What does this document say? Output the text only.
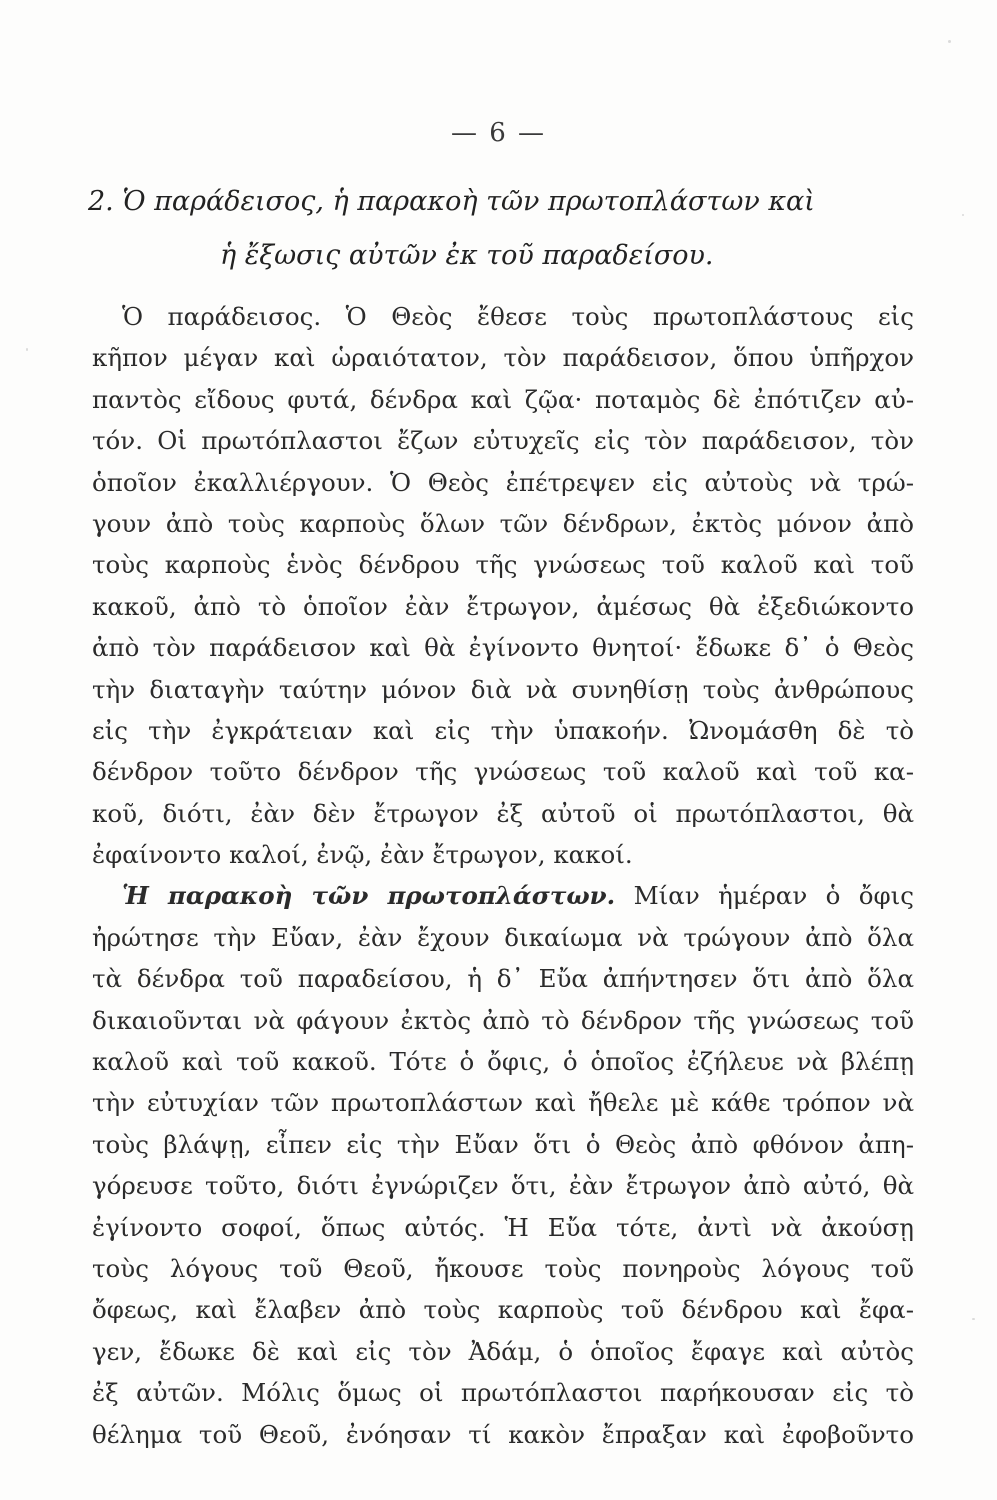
— 6 —
2. Ὁ παράδεισος, ἡ παρακοὴ τῶν πρωτοπλάστων καὶ
ἡ ἔξωσις αὐτῶν ἐκ τοῦ παραδείσου.
Ὁ παράδεισος. Ὁ Θεὸς ἔθεσε τοὺς πρωτοπλάστους εἰς
κῆπον μέγαν καὶ ὡραιότατον, τὸν παράδεισον, ὅπου ὑπῆρχον
παντὸς εἴδους φυτά, δένδρα καὶ ζῷα· ποταμὸς δὲ ἐπότιζεν αὐ-
τόν. Οἱ πρωτόπλαστοι ἔζων εὐτυχεῖς εἰς τὸν παράδεισον, τὸν
ὁποῖον ἐκαλλιέργουν. Ὁ Θεὸς ἐπέτρεψεν εἰς αὐτοὺς νὰ τρώ-
γουν ἀπὸ τοὺς καρποὺς ὅλων τῶν δένδρων, ἐκτὸς μόνον ἀπὸ
τοὺς καρποὺς ἑνὸς δένδρου τῆς γνώσεως τοῦ καλοῦ καὶ τοῦ
κακοῦ, ἀπὸ τὸ ὁποῖον ἐὰν ἔτρωγον, ἀμέσως θὰ ἐξεδιώκοντο
ἀπὸ τὸν παράδεισον καὶ θὰ ἐγίνοντο θνητοί· ἔδωκε δ᾽ ὁ Θεὸς
τὴν διαταγὴν ταύτην μόνον διὰ νὰ συνηθίσῃ τοὺς ἀνθρώπους
εἰς τὴν ἐγκράτειαν καὶ εἰς τὴν ὑπακοήν. Ὠνομάσθη δὲ τὸ
δένδρον τοῦτο δένδρον τῆς γνώσεως τοῦ καλοῦ καὶ τοῦ κα-
κοῦ, διότι, ἐὰν δὲν ἔτρωγον ἐξ αὐτοῦ οἱ πρωτόπλαστοι, θὰ
ἐφαίνοντο καλοί, ἐνῷ, ἐὰν ἔτρωγον, κακοί.
Ἡ παρακοὴ τῶν πρωτοπλάστων. Μίαν ἡμέραν ὁ ὄφις
ἠρώτησε τὴν Εὔαν, ἐὰν ἔχουν δικαίωμα νὰ τρώγουν ἀπὸ ὅλα
τὰ δένδρα τοῦ παραδείσου, ἡ δ᾽ Εὔα ἀπήντησεν ὅτι ἀπὸ ὅλα
δικαιοῦνται νὰ φάγουν ἐκτὸς ἀπὸ τὸ δένδρον τῆς γνώσεως τοῦ
καλοῦ καὶ τοῦ κακοῦ. Τότε ὁ ὄφις, ὁ ὁποῖος ἐζήλευε νὰ βλέπῃ
τὴν εὐτυχίαν τῶν πρωτοπλάστων καὶ ἤθελε μὲ κάθε τρόπον νὰ
τοὺς βλάψῃ, εἶπεν εἰς τὴν Εὔαν ὅτι ὁ Θεὸς ἀπὸ φθόνον ἀπη-
γόρευσε τοῦτο, διότι ἐγνώριζεν ὅτι, ἐὰν ἔτρωγον ἀπὸ αὐτό, θὰ
ἐγίνοντο σοφοί, ὅπως αὐτός. Ἡ Εὔα τότε, ἀντὶ νὰ ἀκούσῃ
τοὺς λόγους τοῦ Θεοῦ, ἤκουσε τοὺς πονηροὺς λόγους τοῦ
ὄφεως, καὶ ἔλαβεν ἀπὸ τοὺς καρποὺς τοῦ δένδρου καὶ ἔφα-
γεν, ἔδωκε δὲ καὶ εἰς τὸν Ἀδάμ, ὁ ὁποῖος ἔφαγε καὶ αὐτὸς
ἐξ αὐτῶν. Μόλις ὅμως οἱ πρωτόπλαστοι παρήκουσαν εἰς τὸ
θέλημα τοῦ Θεοῦ, ἐνόησαν τί κακὸν ἔπραξαν καὶ ἐφοβοῦντο
